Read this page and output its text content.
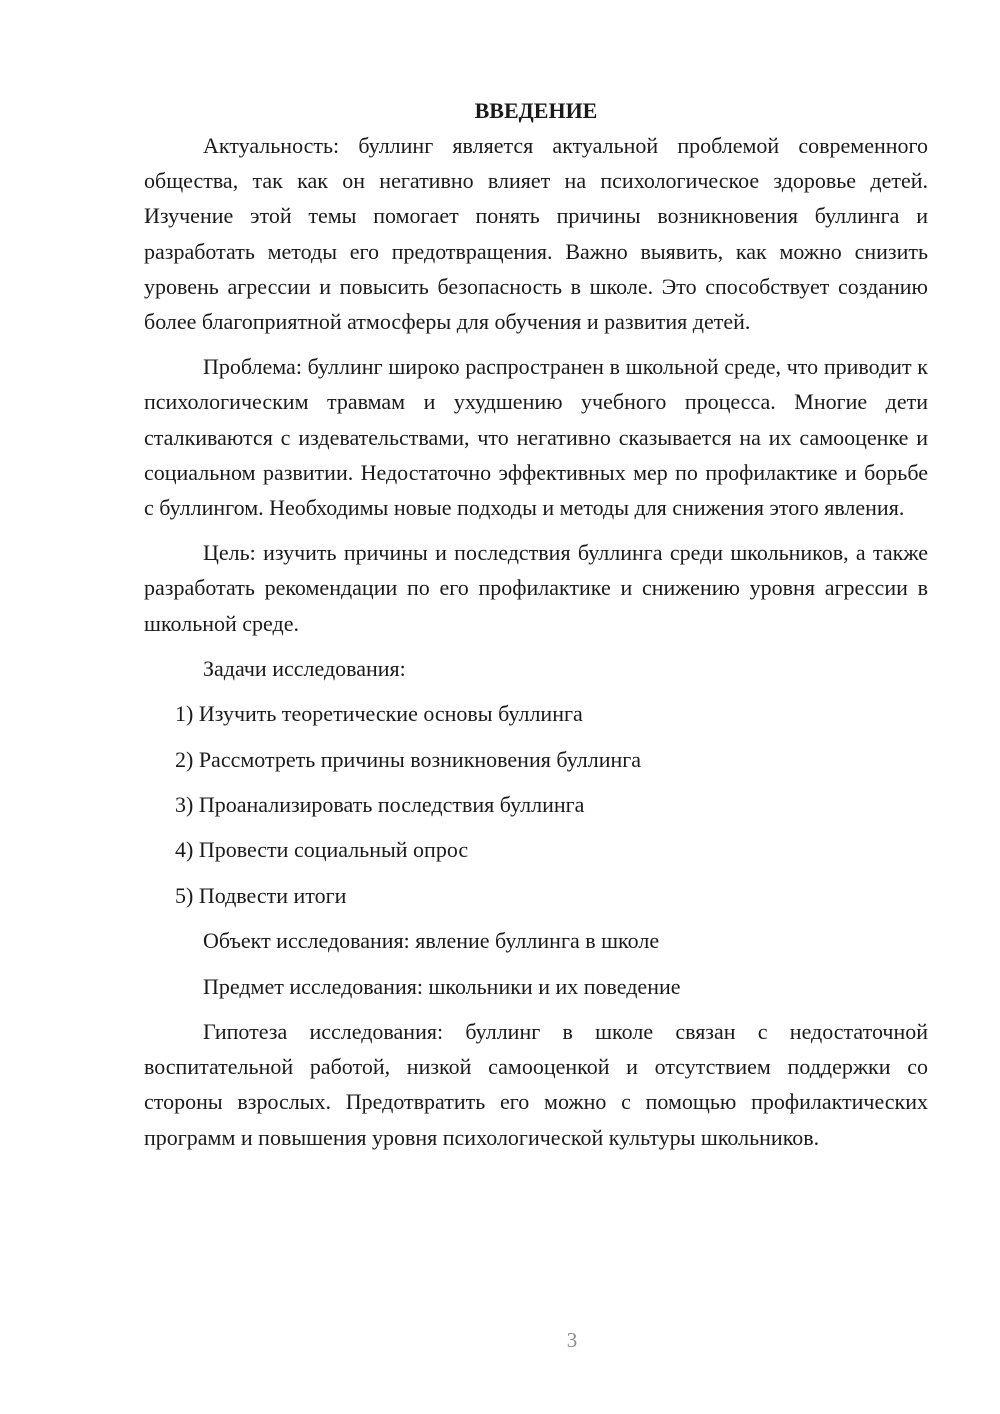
ВВЕДЕНИЕ

Актуальность: буллинг является актуальной проблемой современного общества, так как он негативно влияет на психологическое здоровье детей. Изучение этой темы помогает понять причины возникновения буллинга и разработать методы его предотвращения. Важно выявить, как можно снизить уровень агрессии и повысить безопасность в школе. Это способствует созданию более благоприятной атмосферы для обучения и развития детей.

Проблема: буллинг широко распространен в школьной среде, что приводит к психологическим травмам и ухудшению учебного процесса. Многие дети сталкиваются с издевательствами, что негативно сказывается на их самооценке и социальном развитии. Недостаточно эффективных мер по профилактике и борьбе с буллингом. Необходимы новые подходы и методы для снижения этого явления.

Цель: изучить причины и последствия буллинга среди школьников, а также разработать рекомендации по его профилактике и снижению уровня агрессии в школьной среде.

Задачи исследования:

1) Изучить теоретические основы буллинга

2) Рассмотреть причины возникновения буллинга

3) Проанализировать последствия буллинга

4) Провести социальный опрос

5) Подвести итоги

Объект исследования: явление буллинга в школе

Предмет исследования: школьники и их поведение

Гипотеза исследования: буллинг в школе связан с недостаточной воспитательной работой, низкой самооценкой и отсутствием поддержки со стороны взрослых. Предотвратить его можно с помощью профилактических программ и повышения уровня психологической культуры школьников.

3
